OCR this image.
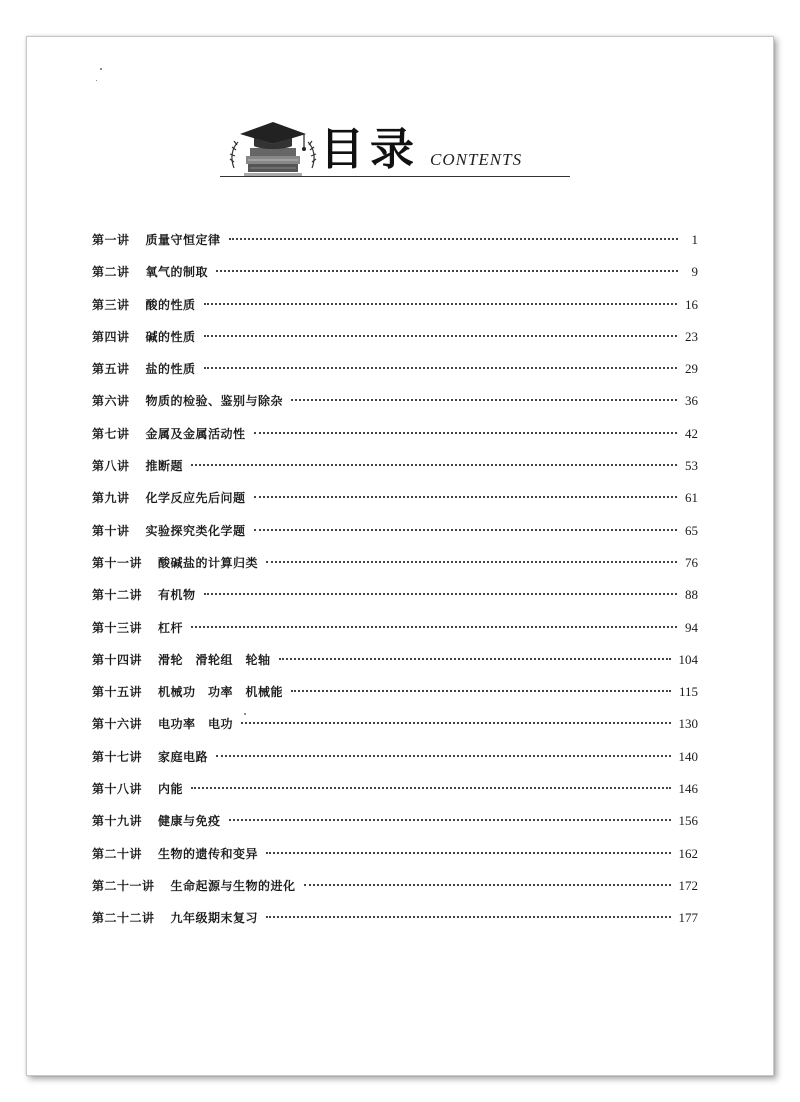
目录 CONTENTS
第一讲	质量守恒定律	1
第二讲	氧气的制取	9
第三讲	酸的性质	16
第四讲	碱的性质	23
第五讲	盐的性质	29
第六讲	物质的检验、鉴别与除杂	36
第七讲	金属及金属活动性	42
第八讲	推断题	53
第九讲	化学反应先后问题	61
第十讲	实验探究类化学题	65
第十一讲	酸碱盐的计算归类	76
第十二讲	有机物	88
第十三讲	杠杆	94
第十四讲	滑轮　滑轮组　轮轴	104
第十五讲	机械功　功率　机械能	115
第十六讲	电功率　电功	130
第十七讲	家庭电路	140
第十八讲	内能	146
第十九讲	健康与免疫	156
第二十讲	生物的遗传和变异	162
第二十一讲	生命起源与生物的进化	172
第二十二讲	九年级期末复习	177
